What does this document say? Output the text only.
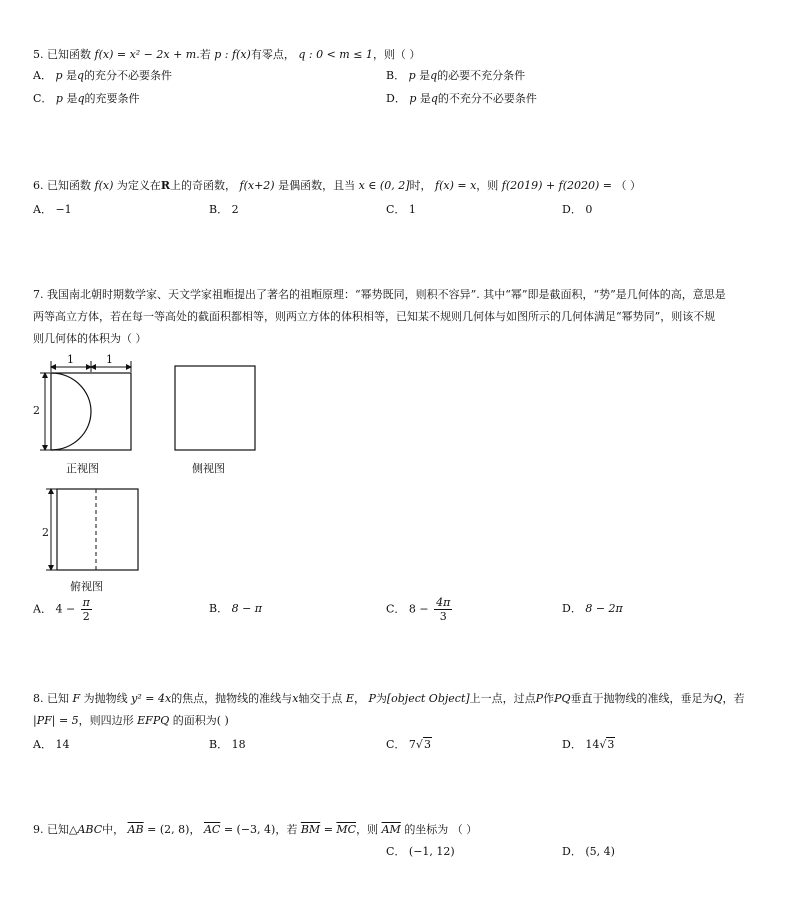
5. 已知函数 f(x) = x² − 2x + m.若 p : f(x)有零点， q : 0 < m ≤ 1，则（ ）
A． p 是q的充分不必要条件	B． p 是q的必要不充分条件
C． p 是q的充要条件	D． p 是q的不充分不必要条件
6. 已知函数 f(x) 为定义在R上的奇函数， f(x+2) 是偶函数，且当 x ∈ (0, 2]时， f(x) = x，则 f(2019) + f(2020) = （ ）
A． −1	B． 2	C． 1	D． 0
7. 我国南北朝时期数学家、天文学家祖暅提出了著名的祖暅原理：“幂势既同，则积不容异”. 其中“幂”即是截面积，“势”是几何体的高，意思是
两等高立方体，若在每一等高处的截面积都相等，则两立方体的体积相等，已知某不规则几何体与如图所示的几何体满足“幂势同”，则该不规
则几何体的体积为（ ）
1	1
2
2
正视图	侧视图
俯视图
A． $4 - \frac{\pi}{2}$	B． 8 − π	C． $8 - \frac{4\pi}{3}$	D． 8 − 2π
8. 已知 F 为抛物线 y² = 4x的焦点，抛物线的准线与x轴交于点 E， P为[object Object]上一点，过点P作PQ垂直于抛物线的准线，垂足为Q，若
|PF| = 5，则四边形 EFPQ 的面积为( )
A． 14	B． 18	C． 7√3	D． 14√3
9. 已知△ABC中， $\overline{AB} = (2$, 8)， $\overline{AC} = (-3$, 4)，若 $\overline{BM} = \overline{MC}$，则 $\overline{AM}$ 的坐标为 （ ）
C． (−1, 12)	D． (5, 4)
